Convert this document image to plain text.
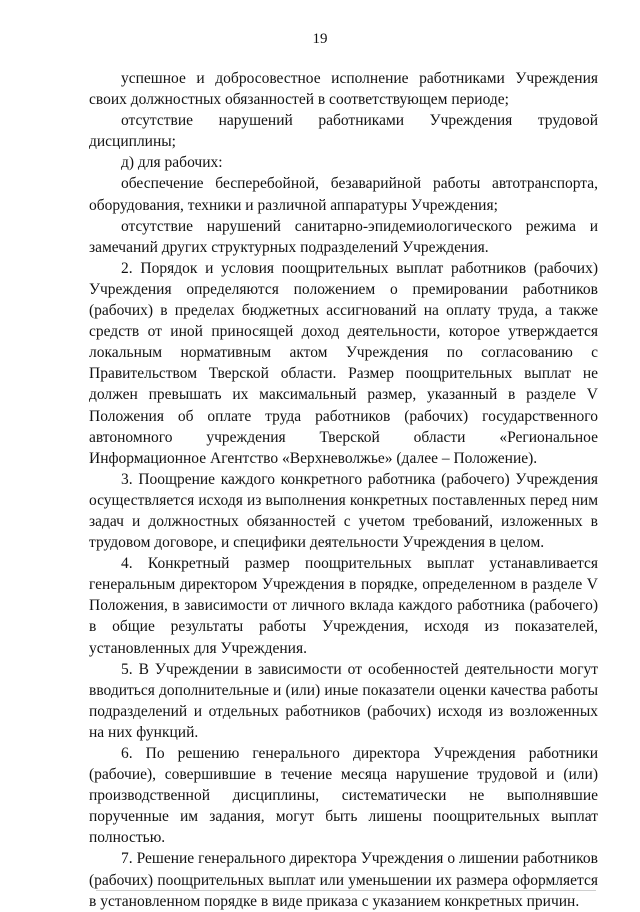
19

успешное и добросовестное исполнение работниками Учреждения своих должностных обязанностей в соответствующем периоде;

отсутствие нарушений работниками Учреждения трудовой дисциплины;

д) для рабочих:

обеспечение бесперебойной, безаварийной работы автотранспорта, оборудования, техники и различной аппаратуры Учреждения;

отсутствие нарушений санитарно-эпидемиологического режима и замечаний других структурных подразделений Учреждения.

2. Порядок и условия поощрительных выплат работников (рабочих) Учреждения определяются положением о премировании работников (рабочих) в пределах бюджетных ассигнований на оплату труда, а также средств от иной приносящей доход деятельности, которое утверждается локальным нормативным актом Учреждения по согласованию с Правительством Тверской области. Размер поощрительных выплат не должен превышать их максимальный размер, указанный в разделе V Положения об оплате труда работников (рабочих) государственного автономного учреждения Тверской области «Региональное Информационное Агентство «Верхневолжье» (далее – Положение).

3. Поощрение каждого конкретного работника (рабочего) Учреждения осуществляется исходя из выполнения конкретных поставленных перед ним задач и должностных обязанностей с учетом требований, изложенных в трудовом договоре, и специфики деятельности Учреждения в целом.

4. Конкретный размер поощрительных выплат устанавливается генеральным директором Учреждения в порядке, определенном в разделе V Положения, в зависимости от личного вклада каждого работника (рабочего) в общие результаты работы Учреждения, исходя из показателей, установленных для Учреждения.

5. В Учреждении в зависимости от особенностей деятельности могут вводиться дополнительные и (или) иные показатели оценки качества работы подразделений и отдельных работников (рабочих) исходя из возложенных на них функций.

6. По решению генерального директора Учреждения работники (рабочие), совершившие в течение месяца нарушение трудовой и (или) производственной дисциплины, систематически не выполнявшие порученные им задания, могут быть лишены поощрительных выплат полностью.

7. Решение генерального директора Учреждения о лишении работников (рабочих) поощрительных выплат или уменьшении их размера оформляется в установленном порядке в виде приказа с указанием конкретных причин.
